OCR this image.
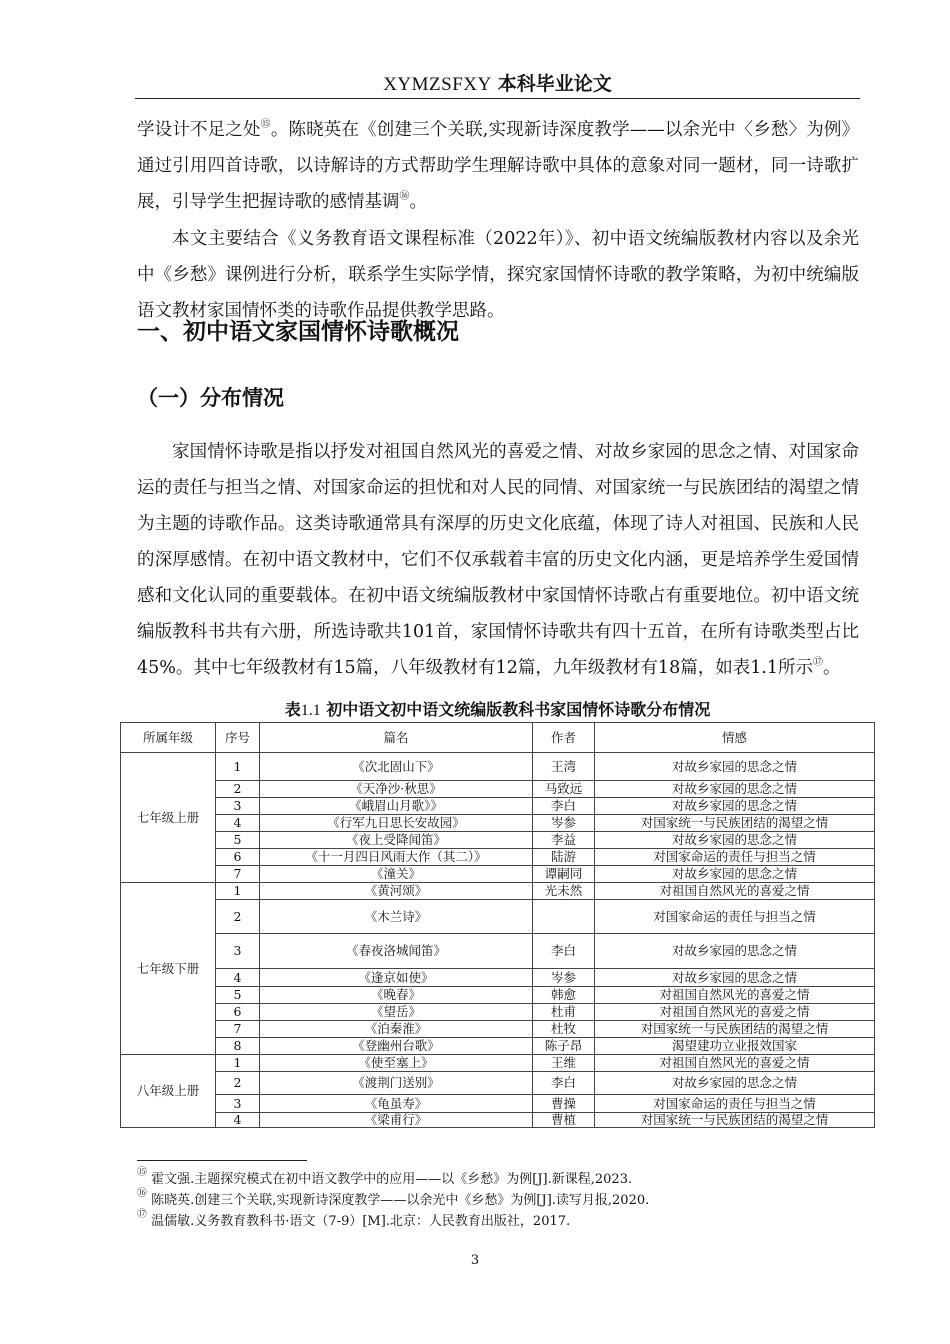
XYMZSFXY 本科毕业论文
学设计不足之处⑮。陈晓英在《创建三个关联,实现新诗深度教学——以余光中〈乡愁〉为例》通过引用四首诗歌，以诗解诗的方式帮助学生理解诗歌中具体的意象对同一题材，同一诗歌扩展，引导学生把握诗歌的感情基调⑯。
本文主要结合《义务教育语文课程标准（2022年）》、初中语文统编版教材内容以及余光中《乡愁》课例进行分析，联系学生实际学情，探究家国情怀诗歌的教学策略，为初中统编版语文教材家国情怀类的诗歌作品提供教学思路。
一、初中语文家国情怀诗歌概况
（一）分布情况
家国情怀诗歌是指以抒发对祖国自然风光的喜爱之情、对故乡家园的思念之情、对国家命运的责任与担当之情、对国家命运的担忧和对人民的同情、对国家统一与民族团结的渴望之情为主题的诗歌作品。这类诗歌通常具有深厚的历史文化底蕴，体现了诗人对祖国、民族和人民的深厚感情。在初中语文教材中，它们不仅承载着丰富的历史文化内涵，更是培养学生爱国情感和文化认同的重要载体。在初中语文统编版教材中家国情怀诗歌占有重要地位。初中语文统编版教科书共有六册，所选诗歌共101首，家国情怀诗歌共有四十五首，在所有诗歌类型占比45%。其中七年级教材有15篇，八年级教材有12篇，九年级教材有18篇，如表1.1所示⑰。
表1.1 初中语文初中语文统编版教科书家国情怀诗歌分布情况
所属年级	序号	篇名	作者	情感
七年级上册	1	《次北固山下》	王湾	对故乡家园的思念之情
	2	《天净沙·秋思》	马致远	对故乡家园的思念之情
	3	《峨眉山月歌》》	李白	对故乡家园的思念之情
	4	《行军九日思长安故园》	岑参	对国家统一与民族团结的渴望之情
	5	《夜上受降闻笛》	李益	对故乡家园的思念之情
	6	《十一月四日风雨大作（其二）》	陆游	对国家命运的责任与担当之情
	7	《潼关》	谭嗣同	对故乡家园的思念之情
七年级下册	1	《黄河颂》	光未然	对祖国自然风光的喜爱之情
	2	《木兰诗》		对国家命运的责任与担当之情
	3	《春夜洛城闻笛》	李白	对故乡家园的思念之情
	4	《逢京如使》	岑参	对故乡家园的思念之情
	5	《晚春》	韩愈	对祖国自然风光的喜爱之情
	6	《望岳》	杜甫	对祖国自然风光的喜爱之情
	7	《泊秦淮》	杜牧	对国家统一与民族团结的渴望之情
	8	《登幽州台歌》	陈子昂	渴望建功立业报效国家
八年级上册	1	《使至塞上》	王维	对祖国自然风光的喜爱之情
	2	《渡荆门送别》	李白	对故乡家园的思念之情
	3	《龟虽寿》	曹操	对国家命运的责任与担当之情
	4	《梁甫行》	曹植	对国家统一与民族团结的渴望之情
⑮ 霍文强.主题探究模式在初中语文教学中的应用——以《乡愁》为例[J].新课程,2023.
⑯ 陈晓英.创建三个关联,实现新诗深度教学——以余光中《乡愁》为例[J].读写月报,2020.
⑰ 温儒敏.义务教育教科书·语文（7-9）[M].北京：人民教育出版社，2017.
3
